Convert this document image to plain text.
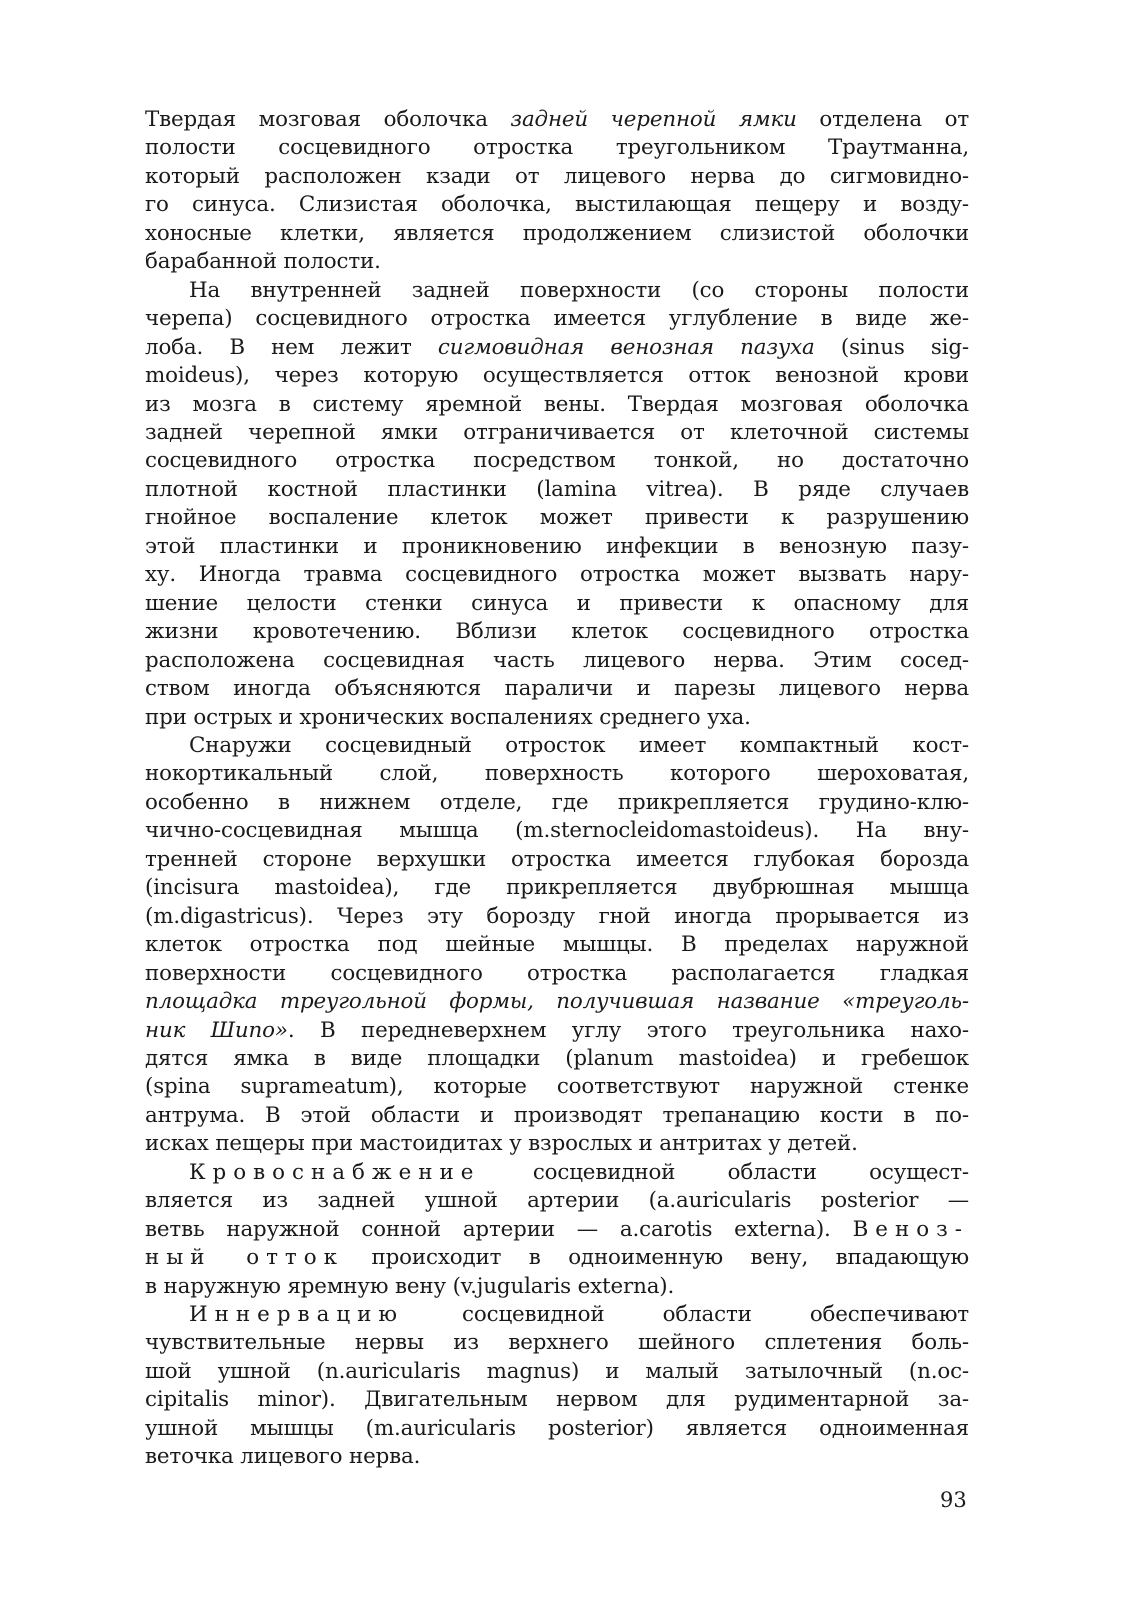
Твердая мозговая оболочка задней черепной ямки отделена от
полости сосцевидного отростка треугольником Траутманна,
который расположен кзади от лицевого нерва до сигмовидно-
го синуса. Слизистая оболочка, выстилающая пещеру и возду-
хоносные клетки, является продолжением слизистой оболочки
барабанной полости.
На внутренней задней поверхности (со стороны полости
черепа) сосцевидного отростка имеется углубление в виде же-
лоба. В нем лежит сигмовидная венозная пазуха (sinus sig-
moideus), через которую осуществляется отток венозной крови
из мозга в систему яремной вены. Твердая мозговая оболочка
задней черепной ямки отграничивается от клеточной системы
сосцевидного отростка посредством тонкой, но достаточно
плотной костной пластинки (lamina vitrea). В ряде случаев
гнойное воспаление клеток может привести к разрушению
этой пластинки и проникновению инфекции в венозную пазу-
ху. Иногда травма сосцевидного отростка может вызвать нару-
шение целости стенки синуса и привести к опасному для
жизни кровотечению. Вблизи клеток сосцевидного отростка
расположена сосцевидная часть лицевого нерва. Этим сосед-
ством иногда объясняются параличи и парезы лицевого нерва
при острых и хронических воспалениях среднего уха.
Снаружи сосцевидный отросток имеет компактный кост-
нокортикальный слой, поверхность которого шероховатая,
особенно в нижнем отделе, где прикрепляется грудино-клю-
чично-сосцевидная мышца (m.sternocleidomastoideus). На вну-
тренней стороне верхушки отростка имеется глубокая борозда
(incisura mastoidea), где прикрепляется двубрюшная мышца
(m.digastricus). Через эту борозду гной иногда прорывается из
клеток отростка под шейные мышцы. В пределах наружной
поверхности сосцевидного отростка располагается гладкая
площадка треугольной формы, получившая название «треуголь-
ник Шипо». В передневерхнем углу этого треугольника нахо-
дятся ямка в виде площадки (planum mastoidea) и гребешок
(spina suprameatum), которые соответствуют наружной стенке
антрума. В этой области и производят трепанацию кости в по-
исках пещеры при мастоидитах у взрослых и антритах у детей.
Кровоснабжение сосцевидной области осущест-
вляется из задней ушной артерии (a.auricularis posterior —
ветвь наружной сонной артерии — a.carotis externa). Веноз-
ный отток происходит в одноименную вену, впадающую
в наружную яремную вену (v.jugularis externa).
Иннервацию сосцевидной области обеспечивают
чувствительные нервы из верхнего шейного сплетения боль-
шой ушной (n.auricularis magnus) и малый затылочный (n.oc-
cipitalis minor). Двигательным нервом для рудиментарной за-
ушной мышцы (m.auricularis posterior) является одноименная
веточка лицевого нерва.
93
